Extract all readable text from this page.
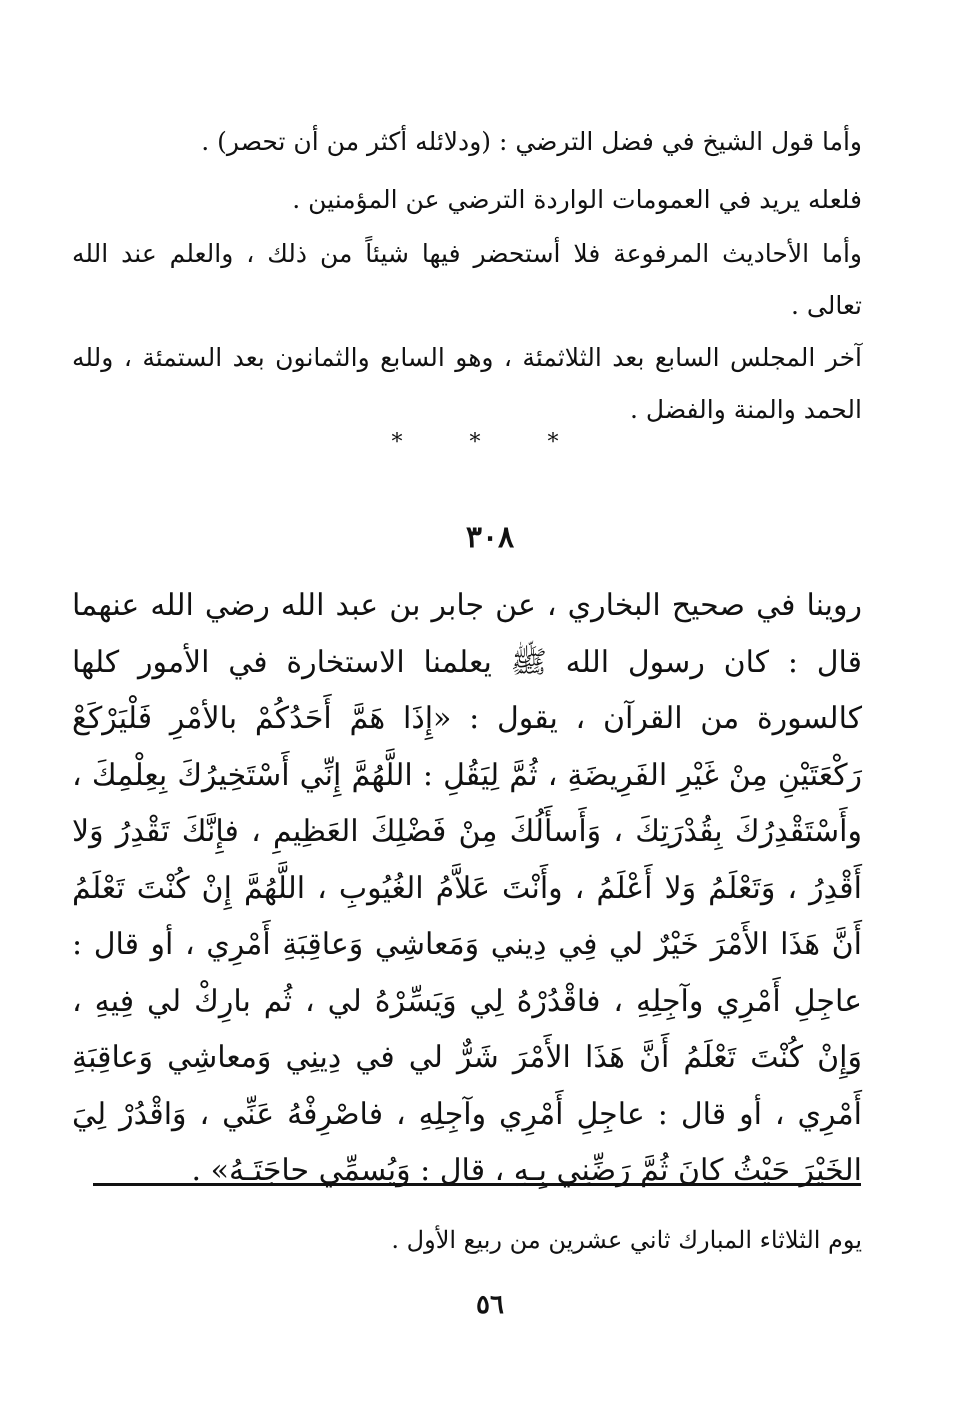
وأما قول الشيخ في فضل الترضي : (ودلائله أكثر من أن تحصر) .

فلعله يريد في العمومات الواردة الترضي عن المؤمنين .

وأما الأحاديث المرفوعة فلا أستحضر فيها شيئاً من ذلك ، والعلم عند الله تعالى .

آخر المجلس السابع بعد الثلاثمئة ، وهو السابع والثمانون بعد الستمئة ، ولله الحمد والمنة والفضل .

* * *
٣٠٨

روينا في صحيح البخاري ، عن جابر بن عبد الله رضي الله عنهما قال : كان رسول الله ﷺ يعلمنا الاستخارة في الأمور كلها كالسورة من القرآن ، يقول : «إِذَا هَمَّ أَحَدُكُمْ بالأمْرِ فَلْيَرْكَعْ رَكْعَتَيْنِ مِنْ غَيْرِ الفَرِيضَةِ ، ثُمَّ لِيَقُلِ : اللَّهُمَّ إِنِّي أَسْتَخِيرُكَ بِعِلْمِكَ ، وأَسْتَقْدِرُكَ بِقُدْرَتِكَ ، وَأَسأَلُكَ مِنْ فَضْلِكَ العَظِيمِ ، فإِنَّكَ تَقْدِرُ وَلا أَقْدِرُ ، وَتَعْلَمُ وَلا أَعْلَمُ ، وأَنْتَ عَلاَّمُ الغُيُوبِ ، اللَّهُمَّ إِنْ كُنْتَ تَعْلَمُ أَنَّ هَذَا الأَمْرَ خَيْرٌ لي فِي دِيني وَمَعاشِي وَعاقِبَةِ أَمْرِي ، أو قال : عاجِلِ أَمْرِي وآجِلِهِ ، فاقْدُرْهُ لِي وَيَسِّرْهُ لي ، ثُم بارِكْ لي فِيهِ ، وَإِنْ كُنْتَ تَعْلَمُ أَنَّ هَذَا الأَمْرَ شَرٌّ لي في دِينِي وَمعاشِي وَعاقِبَةِ أَمْرِي ، أو قال : عاجِلِ أَمْرِي وآجِلِهِ ، فاصْرِفْهُ عَنِّي ، وَاقْدُرْ لِيَ الخَيْرَ حَيْثُ كانَ ثُمَّ رَضِّنِي بِـهِ ، قال : وَيُسمِّي حاجَتَـهُ» .

يوم الثلاثاء المبارك ثاني عشرين من ربيع الأول .

٥٦
